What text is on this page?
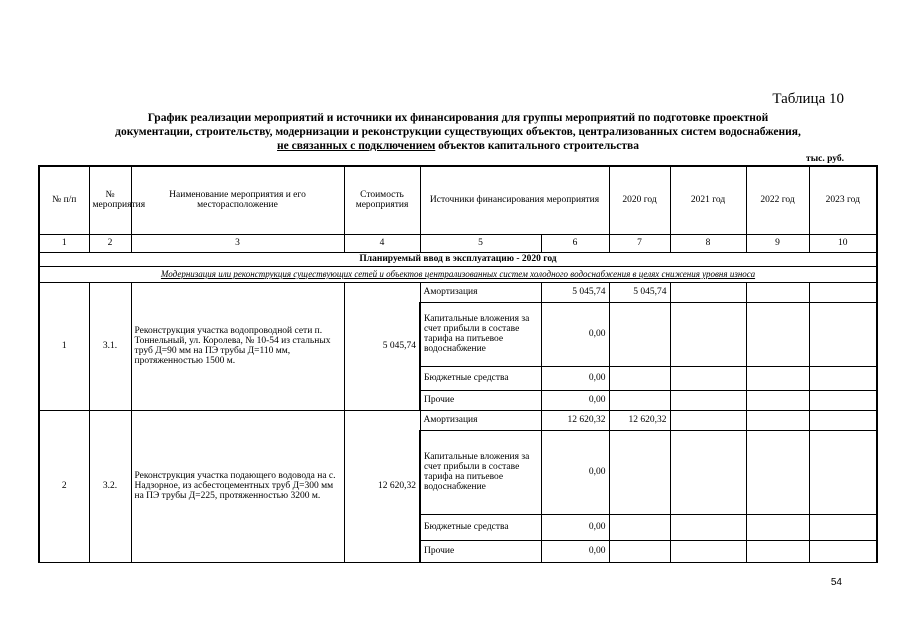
Таблица 10
График реализации мероприятий и источники их финансирования для группы мероприятий по подготовке проектной
документации, строительству, модернизации и реконструкции существующих объектов, централизованных систем водоснабжения,
не связанных с подключением объектов капитального строительства
тыс. руб.
№ п/п	№ мероприятия	Наименование мероприятия и его месторасположение	Стоимость мероприятия	Источники финансирования мероприятия		2020 год	2021 год	2022 год	2023 год
1	2	3	4	5	6	7	8	9	10
Планируемый ввод в эксплуатацию - 2020 год									
Модернизация или реконструкция существующих сетей и объектов централизованных систем холодного водоснабжения в целях снижения уровня износа									
1	3.1.	Реконструкция участка водопроводной сети п. Тоннельный, ул. Королева, № 10-54 из стальных труб Д=90 мм на ПЭ трубы Д=110 мм, протяженностью 1500 м.	5 045,74	Амортизация	5 045,74	5 045,74			
				Капитальные вложения за счет прибыли в составе тарифа на питьевое водоснабжение	0,00				
				Бюджетные средства	0,00				
				Прочие	0,00				
2	3.2.	Реконструкция участка подающего водовода на с. Надзорное, из асбестоцементных труб Д=300 мм на ПЭ трубы Д=225, протяженностью 3200 м.	12 620,32	Амортизация	12 620,32	12 620,32			
				Капитальные вложения за счет прибыли в составе тарифа на питьевое водоснабжение	0,00				
				Бюджетные средства	0,00				
				Прочие	0,00				
54
